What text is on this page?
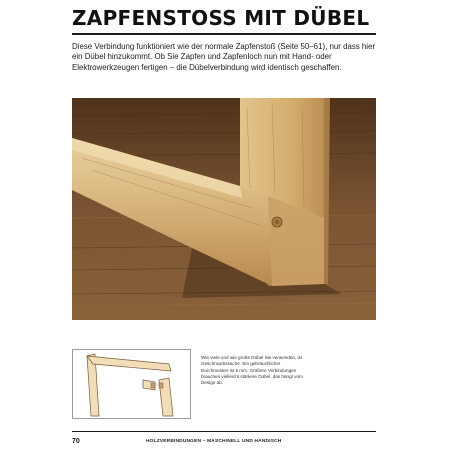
ZAPFENSTOSS MIT DÜBEL
Diese Verbindung funktioniert wie der normale Zapfenstoß (Seite 50–61), nur dass hier ein Dübel hinzukommt. Ob Sie Zapfen und Zapfenloch nun mit Hand- oder Elektrowerkzeugen fertigen – die Dübelverbindung wird identisch geschaffen.
Wie viele und wie große Dübel Sie verwenden, ist Geschmackssache. Ein gebräuchlicher Durchmesser ist 6 mm. Größere Verbindungen brauchen vielleicht stärkere Dübel, das hängt vom Design ab.
70	HOLZVERBINDUNGEN – MASCHINELL UND HÄNDISCH
